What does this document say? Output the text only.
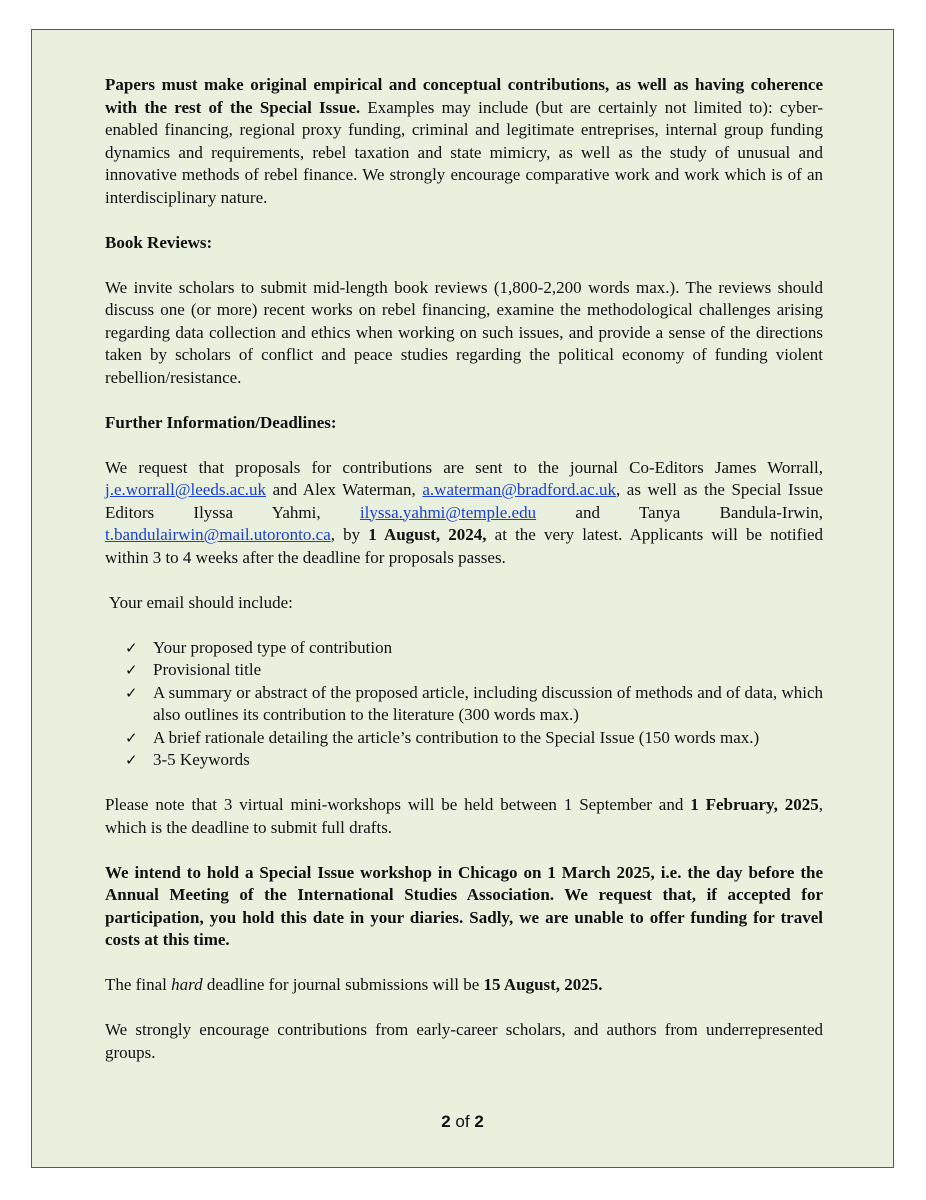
Papers must make original empirical and conceptual contributions, as well as having coherence with the rest of the Special Issue. Examples may include (but are certainly not limited to): cyber-enabled financing, regional proxy funding, criminal and legitimate entreprises, internal group funding dynamics and requirements, rebel taxation and state mimicry, as well as the study of unusual and innovative methods of rebel finance. We strongly encourage comparative work and work which is of an interdisciplinary nature.

Book Reviews:

We invite scholars to submit mid-length book reviews (1,800-2,200 words max.). The reviews should discuss one (or more) recent works on rebel financing, examine the methodological challenges arising regarding data collection and ethics when working on such issues, and provide a sense of the directions taken by scholars of conflict and peace studies regarding the political economy of funding violent rebellion/resistance.

Further Information/Deadlines:

We request that proposals for contributions are sent to the journal Co-Editors James Worrall, j.e.worrall@leeds.ac.uk and Alex Waterman, a.waterman@bradford.ac.uk, as well as the Special Issue Editors Ilyssa Yahmi, ilyssa.yahmi@temple.edu and Tanya Bandula-Irwin, t.bandulairwin@mail.utoronto.ca, by 1 August, 2024, at the very latest. Applicants will be notified within 3 to 4 weeks after the deadline for proposals passes.

Your email should include:

✓ Your proposed type of contribution
✓ Provisional title
✓ A summary or abstract of the proposed article, including discussion of methods and of data, which also outlines its contribution to the literature (300 words max.)
✓ A brief rationale detailing the article’s contribution to the Special Issue (150 words max.)
✓ 3-5 Keywords

Please note that 3 virtual mini-workshops will be held between 1 September and 1 February, 2025, which is the deadline to submit full drafts.

We intend to hold a Special Issue workshop in Chicago on 1 March 2025, i.e. the day before the Annual Meeting of the International Studies Association. We request that, if accepted for participation, you hold this date in your diaries. Sadly, we are unable to offer funding for travel costs at this time.

The final hard deadline for journal submissions will be 15 August, 2025.

We strongly encourage contributions from early-career scholars, and authors from underrepresented groups.

2 of 2
